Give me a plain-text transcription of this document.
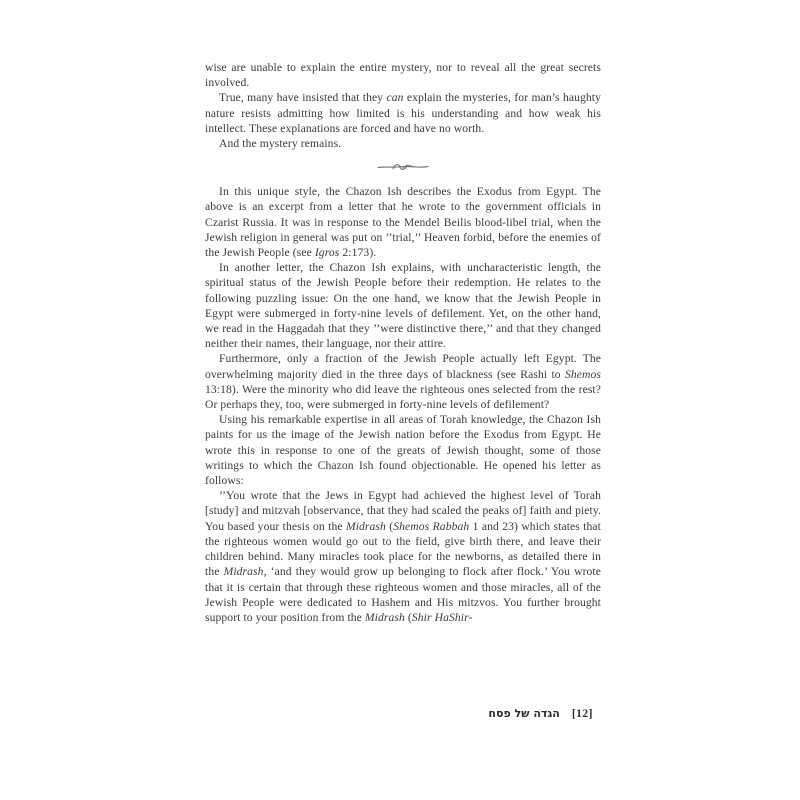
wise are unable to explain the entire mystery, nor to reveal all the great secrets involved.

True, many have insisted that they can explain the mysteries, for man’s haughty nature resists admitting how limited is his understanding and how weak his intellect. These explanations are forced and have no worth.

And the mystery remains.

In this unique style, the Chazon Ish describes the Exodus from Egypt. The above is an excerpt from a letter that he wrote to the government officials in Czarist Russia. It was in response to the Mendel Beilis blood-libel trial, when the Jewish religion in general was put on ’’trial,’’ Heaven forbid, before the enemies of the Jewish People (see Igros 2:173).

In another letter, the Chazon Ish explains, with uncharacteristic length, the spiritual status of the Jewish People before their redemption. He relates to the following puzzling issue: On the one hand, we know that the Jewish People in Egypt were submerged in forty-nine levels of defilement. Yet, on the other hand, we read in the Haggadah that they ’’were distinctive there,’’ and that they changed neither their names, their language, nor their attire.

Furthermore, only a fraction of the Jewish People actually left Egypt. The overwhelming majority died in the three days of blackness (see Rashi to Shemos 13:18). Were the minority who did leave the righteous ones selected from the rest? Or perhaps they, too, were submerged in forty-nine levels of defilement?

Using his remarkable expertise in all areas of Torah knowledge, the Chazon Ish paints for us the image of the Jewish nation before the Exodus from Egypt. He wrote this in response to one of the greats of Jewish thought, some of those writings to which the Chazon Ish found objectionable. He opened his letter as follows:

’’You wrote that the Jews in Egypt had achieved the highest level of Torah [study] and mitzvah [observance, that they had scaled the peaks of] faith and piety. You based your thesis on the Midrash (Shemos Rabbah 1 and 23) which states that the righteous women would go out to the field, give birth there, and leave their children behind. Many miracles took place for the newborns, as detailed there in the Midrash, ‘and they would grow up belonging to flock after flock.’ You wrote that it is certain that through these righteous women and those miracles, all of the Jewish People were dedicated to Hashem and His mitzvos. You further brought support to your position from the Midrash (Shir HaShir-

הגדה של פסח [12]
